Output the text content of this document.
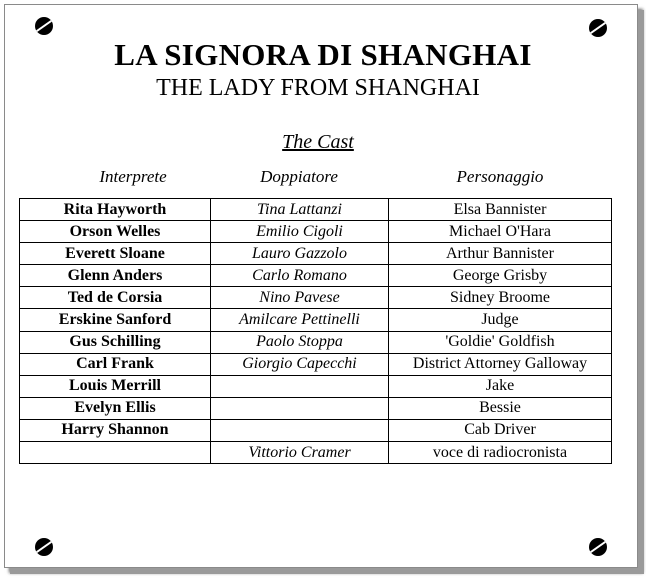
LA SIGNORA DI SHANGHAI
THE LADY FROM SHANGHAI
The Cast
Interprete	Doppiatore	Personaggio
Rita Hayworth	Tina Lattanzi	Elsa Bannister
Orson Welles	Emilio Cigoli	Michael O'Hara
Everett Sloane	Lauro Gazzolo	Arthur Bannister
Glenn Anders	Carlo Romano	George Grisby
Ted de Corsia	Nino Pavese	Sidney Broome
Erskine Sanford	Amilcare Pettinelli	Judge
Gus Schilling	Paolo Stoppa	'Goldie' Goldfish
Carl Frank	Giorgio Capecchi	District Attorney Galloway
Louis Merrill		Jake
Evelyn Ellis		Bessie
Harry Shannon		Cab Driver
	Vittorio Cramer	voce di radiocronista
